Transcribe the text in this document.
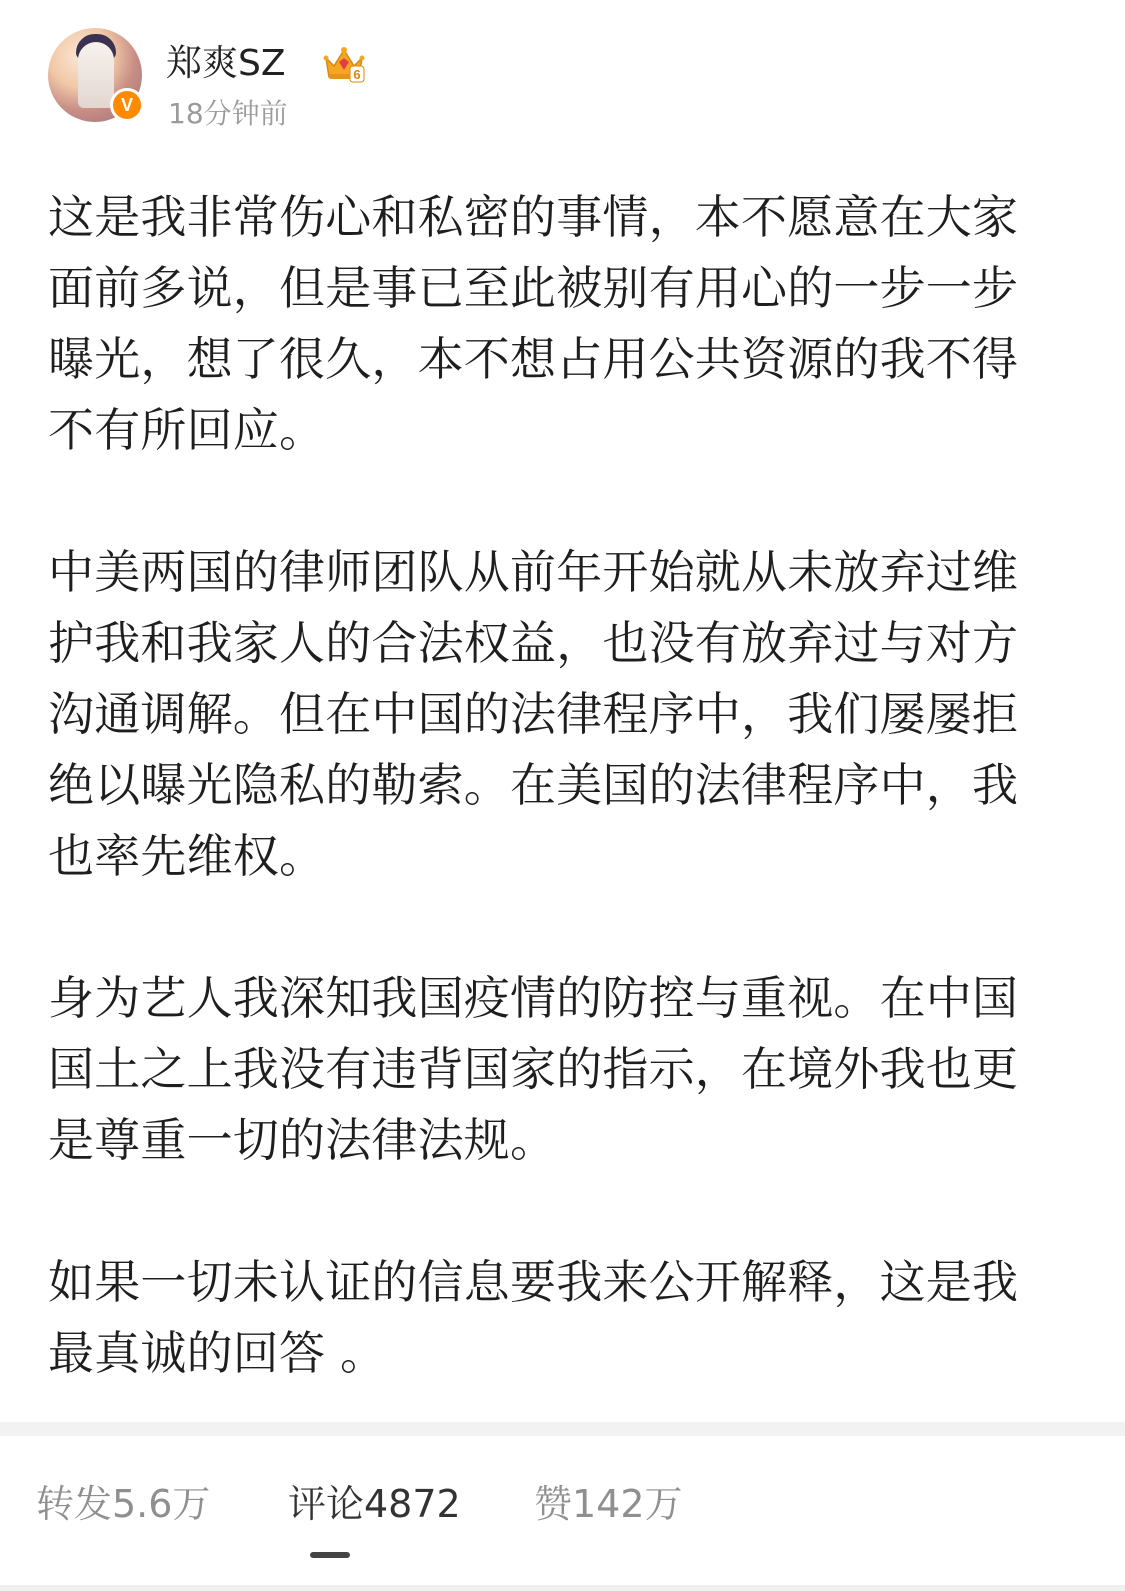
V
郑爽SZ	6
18分钟前

这是我非常伤心和私密的事情，本不愿意在大家面前多说，但是事已至此被别有用心的一步一步曝光，想了很久，本不想占用公共资源的我不得不有所回应。

中美两国的律师团队从前年开始就从未放弃过维护我和我家人的合法权益，也没有放弃过与对方沟通调解。但在中国的法律程序中，我们屡屡拒绝以曝光隐私的勒索。在美国的法律程序中，我也率先维权。

身为艺人我深知我国疫情的防控与重视。在中国国土之上我没有违背国家的指示，在境外我也更是尊重一切的法律法规。

如果一切未认证的信息要我来公开解释，这是我最真诚的回答 。

转发5.6万 评论4872 赞142万
